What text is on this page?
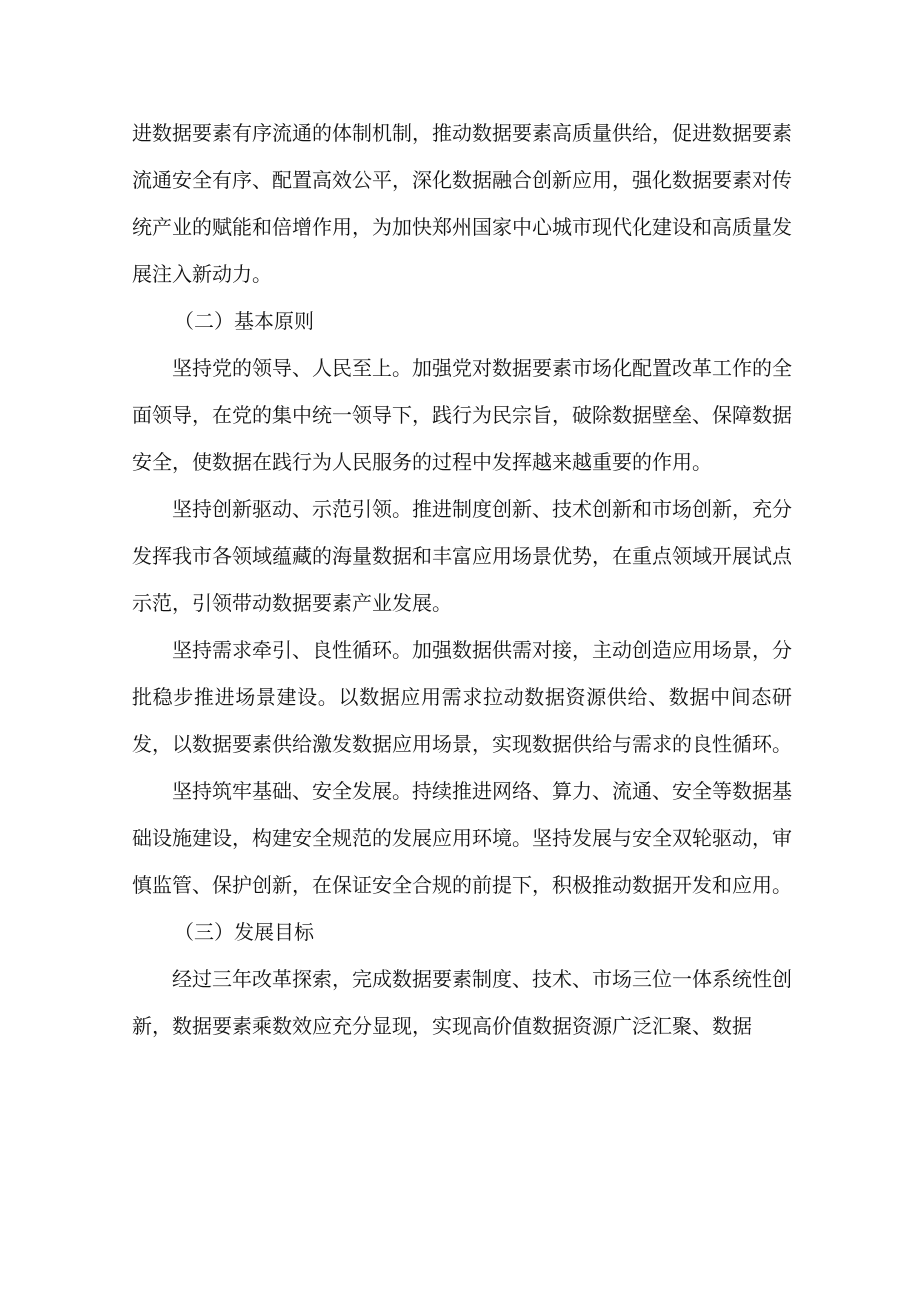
进数据要素有序流通的体制机制，推动数据要素高质量供给，促进数据要素流通安全有序、配置高效公平，深化数据融合创新应用，强化数据要素对传统产业的赋能和倍增作用，为加快郑州国家中心城市现代化建设和高质量发展注入新动力。

（二）基本原则

坚持党的领导、人民至上。加强党对数据要素市场化配置改革工作的全面领导，在党的集中统一领导下，践行为民宗旨，破除数据壁垒、保障数据安全，使数据在践行为人民服务的过程中发挥越来越重要的作用。

坚持创新驱动、示范引领。推进制度创新、技术创新和市场创新，充分发挥我市各领域蕴藏的海量数据和丰富应用场景优势，在重点领域开展试点示范，引领带动数据要素产业发展。

坚持需求牵引、良性循环。加强数据供需对接，主动创造应用场景，分批稳步推进场景建设。以数据应用需求拉动数据资源供给、数据中间态研发，以数据要素供给激发数据应用场景，实现数据供给与需求的良性循环。

坚持筑牢基础、安全发展。持续推进网络、算力、流通、安全等数据基础设施建设，构建安全规范的发展应用环境。坚持发展与安全双轮驱动，审慎监管、保护创新，在保证安全合规的前提下，积极推动数据开发和应用。

（三）发展目标

经过三年改革探索，完成数据要素制度、技术、市场三位一体系统性创新，数据要素乘数效应充分显现，实现高价值数据资源广泛汇聚、数据
